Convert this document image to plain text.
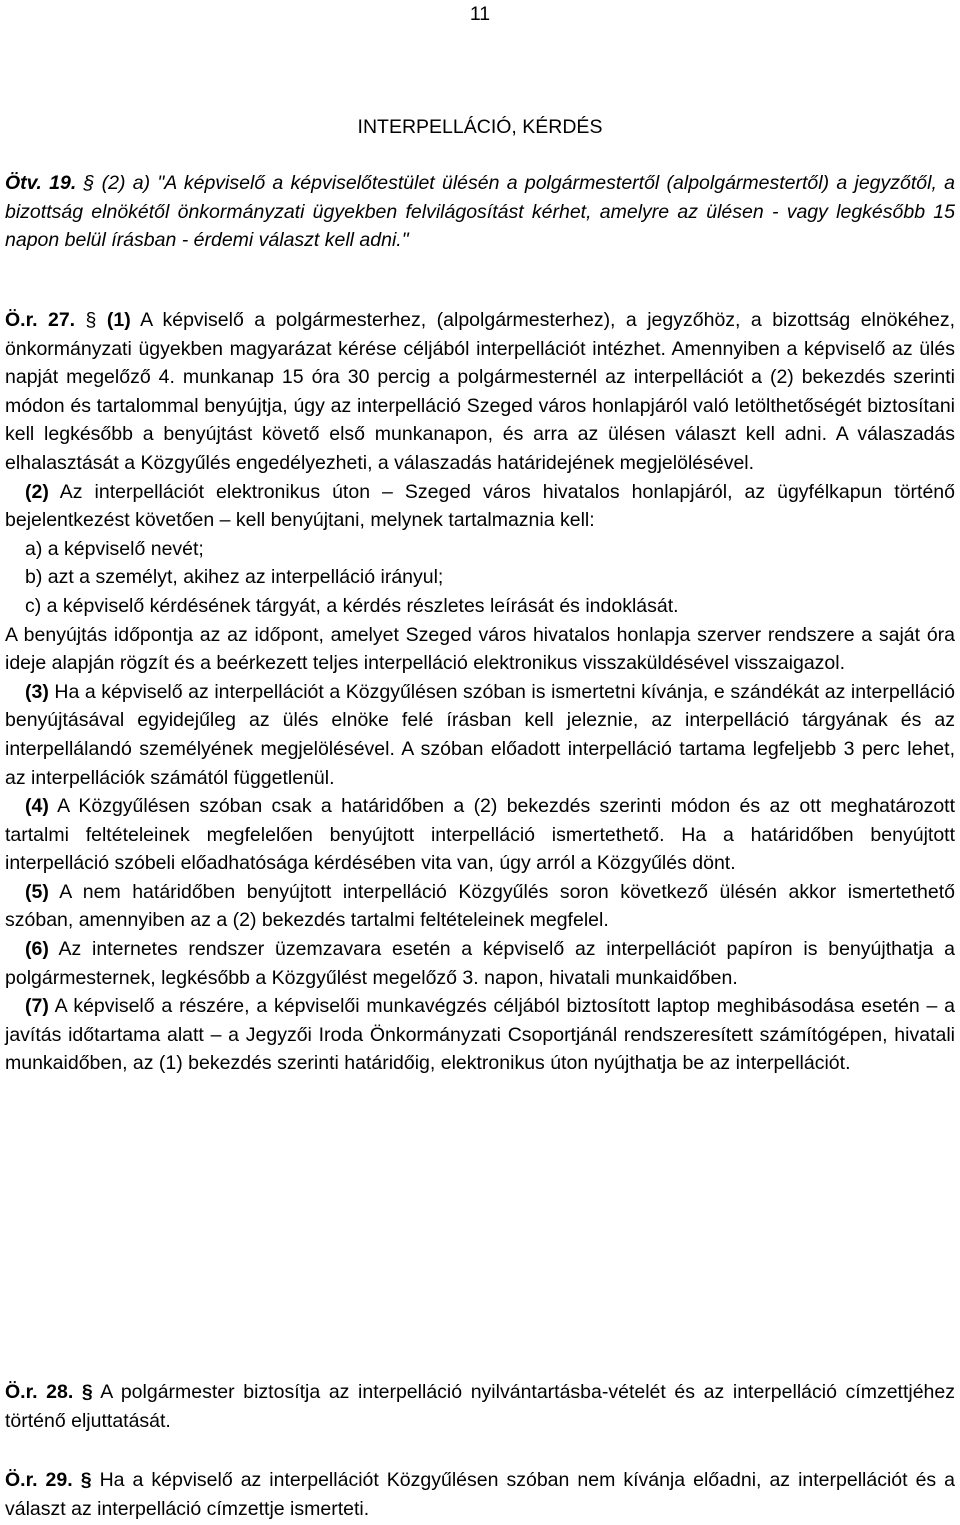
11
INTERPELLÁCIÓ, KÉRDÉS

Ötv. 19. § (2) a) "A képviselő a képviselőtestület ülésén a polgármestertől (alpolgármestertől) a jegyzőtől, a bizottság elnökétől önkormányzati ügyekben felvilágosítást kérhet, amelyre az ülésen - vagy legkésőbb 15 napon belül írásban - érdemi választ kell adni."

Ö.r. 27. § (1) A képviselő a polgármesterhez, (alpolgármesterhez), a jegyzőhöz, a bizottság elnökéhez, önkormányzati ügyekben magyarázat kérése céljából interpellációt intézhet. Amennyiben a képviselő az ülés napját megelőző 4. munkanap 15 óra 30 percig a polgármesternél az interpellációt a (2) bekezdés szerinti módon és tartalommal benyújtja, úgy az interpelláció Szeged város honlapjáról való letölthetőségét biztosítani kell legkésőbb a benyújtást követő első munkanapon, és arra az ülésen választ kell adni. A válaszadás elhalasztását a Közgyűlés engedélyezheti, a válaszadás határidejének megjelölésével.
(2) Az interpellációt elektronikus úton – Szeged város hivatalos honlapjáról, az ügyfélkapun történő bejelentkezést követően – kell benyújtani, melynek tartalmaznia kell:
a) a képviselő nevét;
b) azt a személyt, akihez az interpelláció irányul;
c) a képviselő kérdésének tárgyát, a kérdés részletes leírását és indoklását.
A benyújtás időpontja az az időpont, amelyet Szeged város hivatalos honlapja szerver rendszere a saját óra ideje alapján rögzít és a beérkezett teljes interpelláció elektronikus visszaküldésével visszaigazol.
(3) Ha a képviselő az interpellációt a Közgyűlésen szóban is ismertetni kívánja, e szándékát az interpelláció benyújtásával egyidejűleg az ülés elnöke felé írásban kell jeleznie, az interpelláció tárgyának és az interpellálandó személyének megjelölésével. A szóban előadott interpelláció tartama legfeljebb 3 perc lehet, az interpellációk számától függetlenül.
(4) A Közgyűlésen szóban csak a határidőben a (2) bekezdés szerinti módon és az ott meghatározott tartalmi feltételeinek megfelelően benyújtott interpelláció ismertethető. Ha a határidőben benyújtott interpelláció szóbeli előadhatósága kérdésében vita van, úgy arról a Közgyűlés dönt.
(5) A nem határidőben benyújtott interpelláció Közgyűlés soron következő ülésén akkor ismertethető szóban, amennyiben az a (2) bekezdés tartalmi feltételeinek megfelel.
(6) Az internetes rendszer üzemzavara esetén a képviselő az interpellációt papíron is benyújthatja a polgármesternek, legkésőbb a Közgyűlést megelőző 3. napon, hivatali munkaidőben.
(7) A képviselő a részére, a képviselői munkavégzés céljából biztosított laptop meghibásodása esetén – a javítás időtartama alatt – a Jegyzői Iroda Önkormányzati Csoportjánál rendszeresített számítógépen, hivatali munkaidőben, az (1) bekezdés szerinti határidőig, elektronikus úton nyújthatja be az interpellációt.

Ö.r. 28. § A polgármester biztosítja az interpelláció nyilvántartásba-vételét és az interpelláció címzettjéhez történő eljuttatását.

Ö.r. 29. § Ha a képviselő az interpellációt Közgyűlésen szóban nem kívánja előadni, az interpellációt és a választ az interpelláció címzettje ismerteti.
